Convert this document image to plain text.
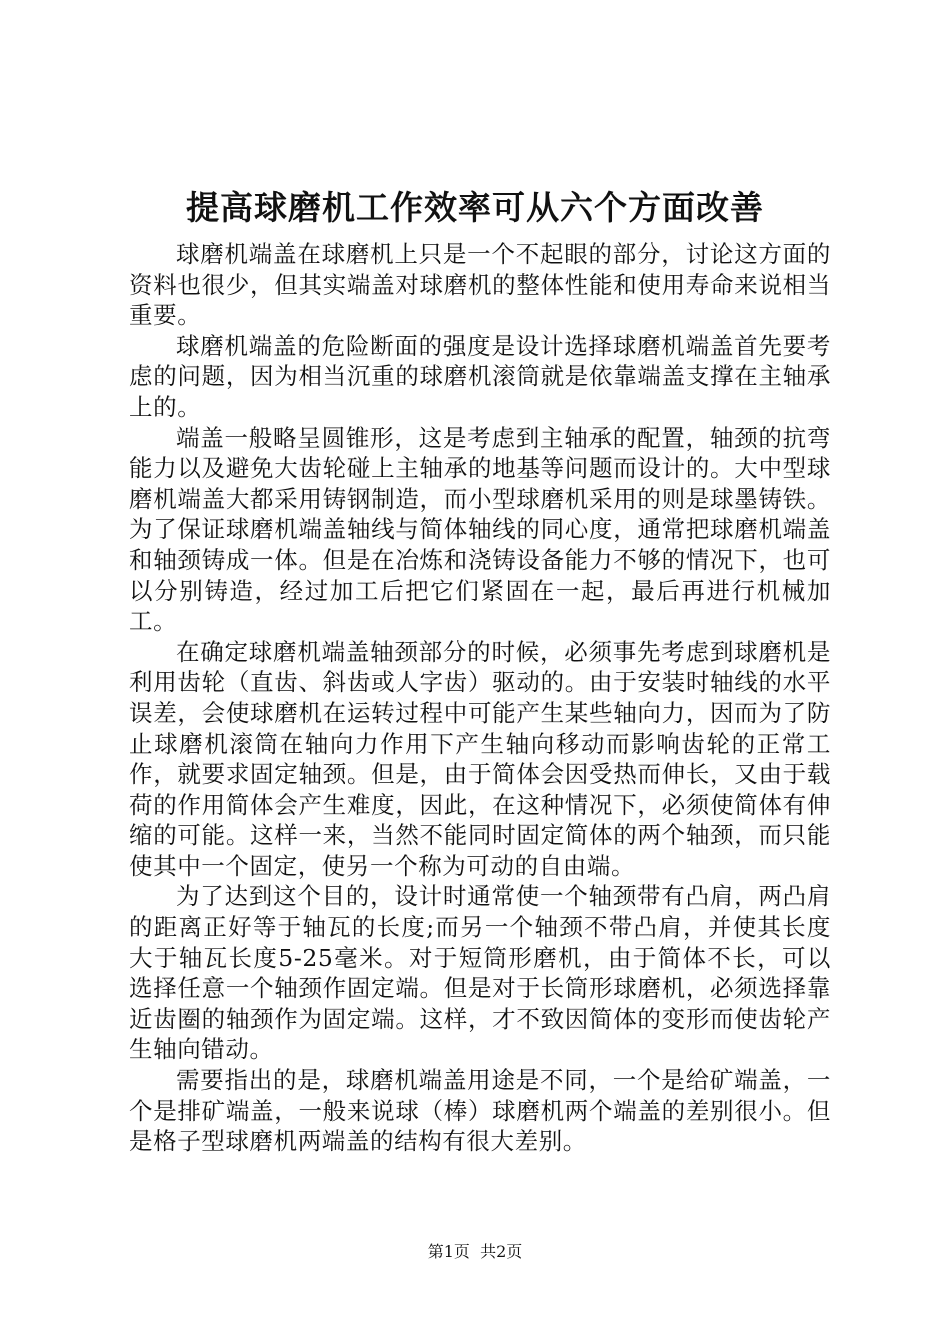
提高球磨机工作效率可从六个方面改善

球磨机端盖在球磨机上只是一个不起眼的部分，讨论这方面的资料也很少，但其实端盖对球磨机的整体性能和使用寿命来说相当重要。

球磨机端盖的危险断面的强度是设计选择球磨机端盖首先要考虑的问题，因为相当沉重的球磨机滚筒就是依靠端盖支撑在主轴承上的。

端盖一般略呈圆锥形，这是考虑到主轴承的配置，轴颈的抗弯能力以及避免大齿轮碰上主轴承的地基等问题而设计的。大中型球磨机端盖大都采用铸钢制造，而小型球磨机采用的则是球墨铸铁。为了保证球磨机端盖轴线与简体轴线的同心度，通常把球磨机端盖和轴颈铸成一体。但是在冶炼和浇铸设备能力不够的情况下，也可以分别铸造，经过加工后把它们紧固在一起，最后再进行机械加工。

在确定球磨机端盖轴颈部分的时候，必须事先考虑到球磨机是利用齿轮（直齿、斜齿或人字齿）驱动的。由于安装时轴线的水平误差，会使球磨机在运转过程中可能产生某些轴向力，因而为了防止球磨机滚筒在轴向力作用下产生轴向移动而影响齿轮的正常工作，就要求固定轴颈。但是，由于简体会因受热而伸长，又由于载荷的作用简体会产生难度，因此，在这种情况下，必须使简体有伸缩的可能。这样一来，当然不能同时固定简体的两个轴颈，而只能使其中一个固定，使另一个称为可动的自由端。

为了达到这个目的，设计时通常使一个轴颈带有凸肩，两凸肩的距离正好等于轴瓦的长度;而另一个轴颈不带凸肩，并使其长度大于轴瓦长度5-25毫米。对于短筒形磨机，由于简体不长，可以选择任意一个轴颈作固定端。但是对于长筒形球磨机，必须选择靠近齿圈的轴颈作为固定端。这样，才不致因简体的变形而使齿轮产生轴向错动。

需要指出的是，球磨机端盖用途是不同，一个是给矿端盖，一个是排矿端盖，一般来说球（棒）球磨机两个端盖的差别很小。但是格子型球磨机两端盖的结构有很大差别。

第1页 共2页
